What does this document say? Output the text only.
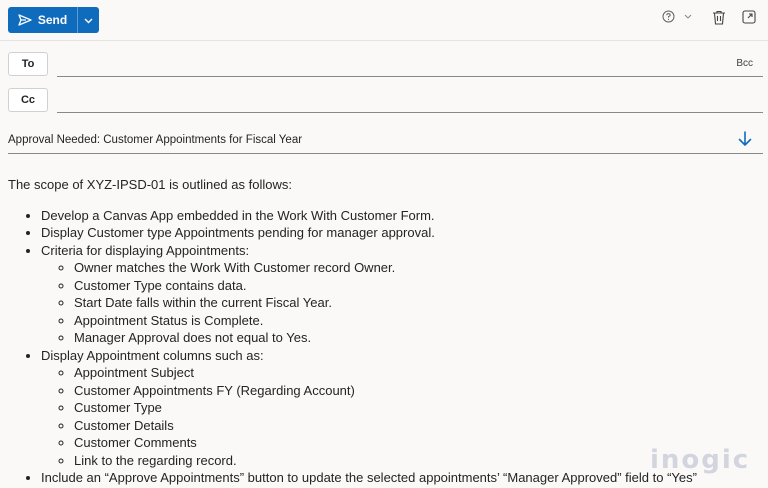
Send
To	Bcc
Cc
Approval Needed: Customer Appointments for Fiscal Year

The scope of XYZ-IPSD-01 is outlined as follows:

• Develop a Canvas App embedded in the Work With Customer Form.
• Display Customer type Appointments pending for manager approval.
• Criteria for displaying Appointments:
◦ Owner matches the Work With Customer record Owner.
◦ Customer Type contains data.
◦ Start Date falls within the current Fiscal Year.
◦ Appointment Status is Complete.
◦ Manager Approval does not equal to Yes.
• Display Appointment columns such as:
◦ Appointment Subject
◦ Customer Appointments FY (Regarding Account)
◦ Customer Type
◦ Customer Details
◦ Customer Comments
◦ Link to the regarding record.
• Include an “Approve Appointments” button to update the selected appointments’ “Manager Approved” field to “Yes”
inogic
